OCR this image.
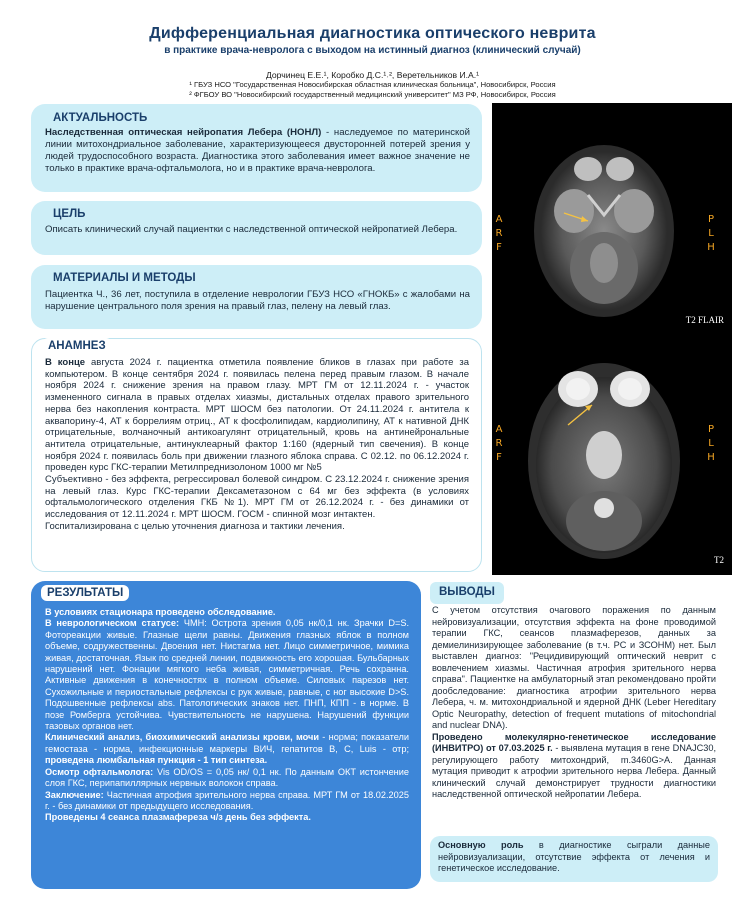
Дифференциальная диагностика оптического неврита
в практике врача-невролога с выходом на истинный диагноз (клинический случай)
Дорчинец Е.Е.¹, Коробко Д.С.¹˒², Веретельников И.А.¹
¹ ГБУЗ НСО "Государственная Новосибирская областная клиническая больница", Новосибирск, Россия
² ФГБОУ ВО "Новосибирский государственный медицинский университет" МЗ РФ, Новосибирск, Россия
АКТУАЛЬНОСТЬ
Наследственная оптическая нейропатия Лебера (НОНЛ) - наследуемое по материнской линии митохондриальное заболевание, характеризующееся двусторонней потерей зрения у людей трудоспособного возраста. Диагностика этого заболевания имеет важное значение не только в практике врача-офтальмолога, но и в практике врача-невролога.
ЦЕЛЬ
Описать клинический случай пациентки с наследственной оптической нейропатией Лебера.
МАТЕРИАЛЫ И МЕТОДЫ
Пациентка Ч., 36 лет, поступила в отделение неврологии ГБУЗ НСО «ГНОКБ» с жалобами на нарушение центрального поля зрения на правый глаз, пелену на левый глаз.
АНАМНЕЗ
В конце августа 2024 г. пациентка отметила появление бликов в глазах при работе за компьютером. В конце сентября 2024 г. появилась пелена перед правым глазом. В начале ноября 2024 г. снижение зрения на правом глазу. МРТ ГМ от 12.11.2024 г. - участок измененного сигнала в правых отделах хиазмы, дистальных отделах правого зрительного нерва без накопления контраста. МРТ ШОСМ без патологии. От 24.11.2024 г. антитела к аквапорину-4, АТ к боррелиям отриц., АТ к фосфолипидам, кардиолипину, АТ к нативной ДНК отрицательные, волчаночный антикоагулянт отрицательный, кровь на антинейрональные антитела отрицательные, антинуклеарный фактор 1:160 (ядерный тип свечения). В конце ноября 2024 г. появилась боль при движении глазного яблока справа. С 02.12. по 06.12.2024 г. проведен курс ГКС-терапии Метилпреднизолоном 1000 мг №5
Субъективно - без эффекта, регрессировал болевой синдром. С 23.12.2024 г. снижение зрения на левый глаз. Курс ГКС-терапии Дексаметазоном с 64 мг без эффекта (в условиях офтальмологического отделения ГКБ №1). МРТ ГМ от 26.12.2024 г. - без динамики от исследования от 12.11.2024 г. МРТ ШОСМ. ГОСМ - спинной мозг интактен.
Госпитализирована с целью уточнения диагноза и тактики лечения.
A
R
F
P
L
H
T2 FLAIR
A
R
F
P
L
H
T2
РЕЗУЛЬТАТЫ
В условиях стационара проведено обследование.
В неврологическом статусе: ЧМН: Острота зрения 0,05 нк/0,1 нк. Зрачки D=S. Фотореакции живые. Глазные щели равны. Движения глазных яблок в полном объеме, содружественны. Двоения нет. Нистагма нет. Лицо симметричное, мимика живая, достаточная. Язык по средней линии, подвижность его хорошая. Бульбарных нарушений нет. Фонации мягкого неба живая, симметричная. Речь сохранна. Активные движения в конечностях в полном объеме. Силовых парезов нет. Сухожильные и периостальные рефлексы с рук живые, равные, с ног высокие D>S. Подошвенные рефлексы abs. Патологических знаков нет. ПНП, КПП - в норме. В позе Ромберга устойчива. Чувствительность не нарушена. Нарушений функции тазовых органов нет.
Клинический анализ, биохимический анализы крови, мочи - норма; показатели гемостаза - норма, инфекционные маркеры ВИЧ, гепатитов B, C, Luis - отр; проведена люмбальная пункция - 1 тип синтеза.
Осмотр офтальмолога: Vis OD/OS = 0,05 нк/ 0,1 нк. По данным ОКТ истончение слоя ГКС, перипапиллярных нервных волокон справа.
Заключение: Частичная атрофия зрительного нерва справа. МРТ ГМ от 18.02.2025 г. - без динамики от предыдущего исследования.
Проведены 4 сеанса плазмафереза ч/з день без эффекта.
ВЫВОДЫ
С учетом отсутствия очагового поражения по данным нейровизуализации, отсутствия эффекта на фоне проводимой терапии ГКС, сеансов плазмаферезов, данных за демиелинизирующее заболевание (в т.ч. РС и ЗСОНМ) нет. Был выставлен диагноз: "Рецидивирующий оптический неврит с вовлечением хиазмы. Частичная атрофия зрительного нерва справа". Пациентке на амбулаторный этап рекомендовано пройти дообследование: диагностика атрофии зрительного нерва Лебера, ч. м. митохондриальной и ядерной ДНК (Leber Hereditary Optic Neuropathy, detection of frequent mutations of mitochondrial and nuclear DNA).
Проведено молекулярно-генетическое исследование (ИНВИТРО) от 07.03.2025 г. - выявлена мутация в гене DNAJC30, регулирующего работу митохондрий, m.3460G>A. Данная мутация приводит к атрофии зрительного нерва Лебера. Данный клинический случай демонстрирует трудности диагностики наследственной оптической нейропатии Лебера.
Основную роль в диагностике сыграли данные нейровизуализации, отсутствие эффекта от лечения и генетическое исследование.
